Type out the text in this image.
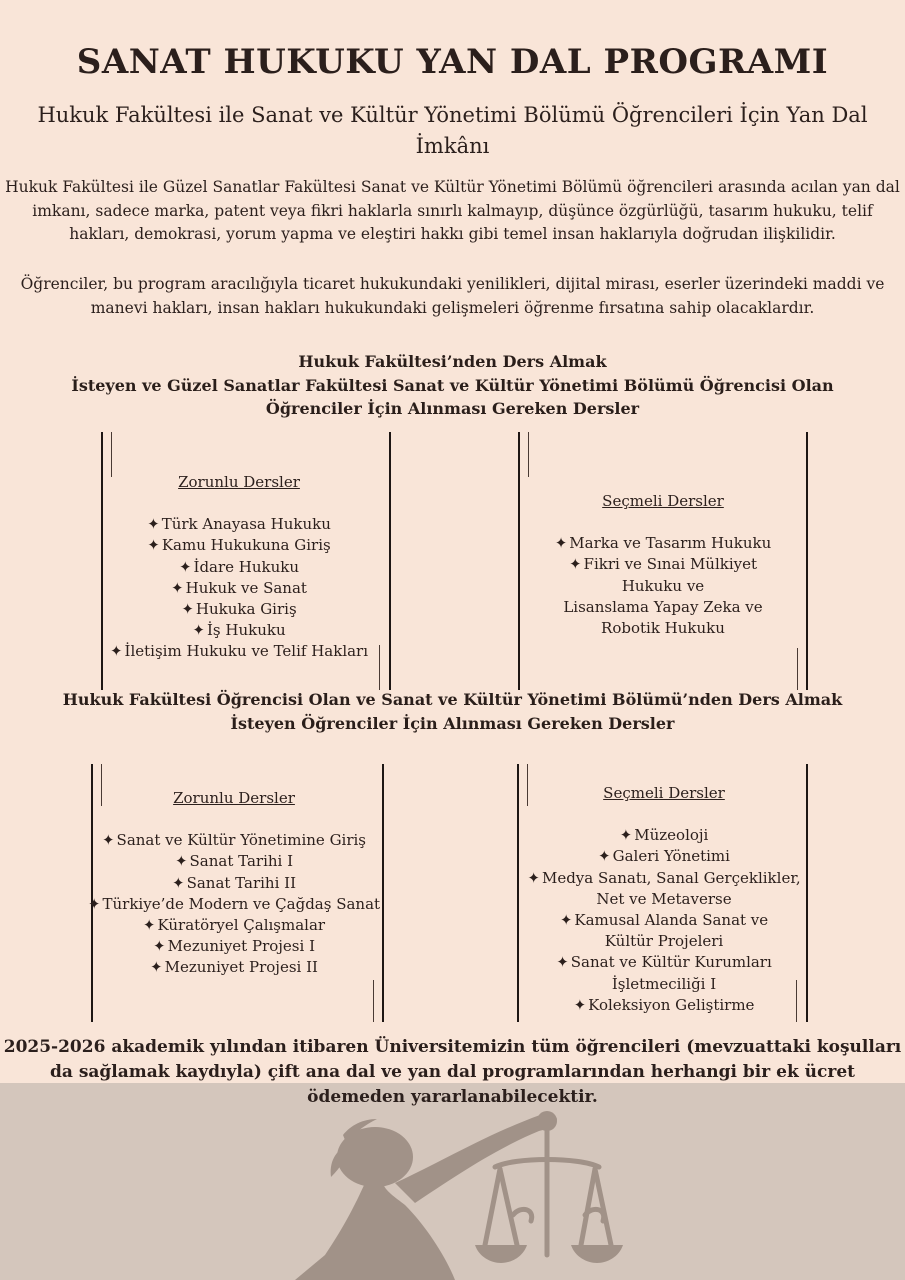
SANAT HUKUKU YAN DAL PROGRAMI
Hukuk Fakültesi ile Sanat ve Kültür Yönetimi Bölümü Öğrencileri İçin Yan Dal İmkânı
Hukuk Fakültesi ile Güzel Sanatlar Fakültesi Sanat ve Kültür Yönetimi Bölümü öğrencileri arasında acılan yan dal imkanı, sadece marka, patent veya fikri haklarla sınırlı kalmayıp, düşünce özgürlüğü, tasarım hukuku, telif hakları, demokrasi, yorum yapma ve eleştiri hakkı gibi temel insan haklarıyla doğrudan ilişkilidir.
Öğrenciler, bu program aracılığıyla ticaret hukukundaki yenilikleri, dijital mirası, eserler üzerindeki maddi ve manevi hakları, insan hakları hukukundaki gelişmeleri öğrenme fırsatına sahip olacaklardır.
Hukuk Fakültesi’nden Ders Almak
İsteyen ve Güzel Sanatlar Fakültesi Sanat ve Kültür Yönetimi Bölümü Öğrencisi Olan
Öğrenciler İçin Alınması Gereken Dersler
Zorunlu Dersler
✦ Türk Anayasa Hukuku
✦ Kamu Hukukuna Giriş
✦ İdare Hukuku
✦ Hukuk ve Sanat
✦ Hukuka Giriş
✦ İş Hukuku
✦ İletişim Hukuku ve Telif Hakları
Seçmeli Dersler
✦ Marka ve Tasarım Hukuku
✦ Fikri ve Sınai Mülkiyet
Hukuku ve
Lisanslama Yapay Zeka ve
Robotik Hukuku
Hukuk Fakültesi Öğrencisi Olan ve Sanat ve Kültür Yönetimi Bölümü’nden Ders Almak
İsteyen Öğrenciler İçin Alınması Gereken Dersler
Zorunlu Dersler
✦ Sanat ve Kültür Yönetimine Giriş
✦ Sanat Tarihi I
✦ Sanat Tarihi II
✦ Türkiye’de Modern ve Çağdaş Sanat
✦ Küratöryel Çalışmalar
✦ Mezuniyet Projesi I
✦ Mezuniyet Projesi II
Seçmeli Dersler
✦ Müzeoloji
✦ Galeri Yönetimi
✦ Medya Sanatı, Sanal Gerçeklikler,
Net ve Metaverse
✦ Kamusal Alanda Sanat ve
Kültür Projeleri
✦ Sanat ve Kültür Kurumları
İşletmeciliği I
✦ Koleksiyon Geliştirme
2025-2026 akademik yılından itibaren Üniversitemizin tüm öğrencileri (mevzuattaki koşulları da sağlamak kaydıyla) çift ana dal ve yan dal programlarından herhangi bir ek ücret ödemeden yararlanabilecektir.
